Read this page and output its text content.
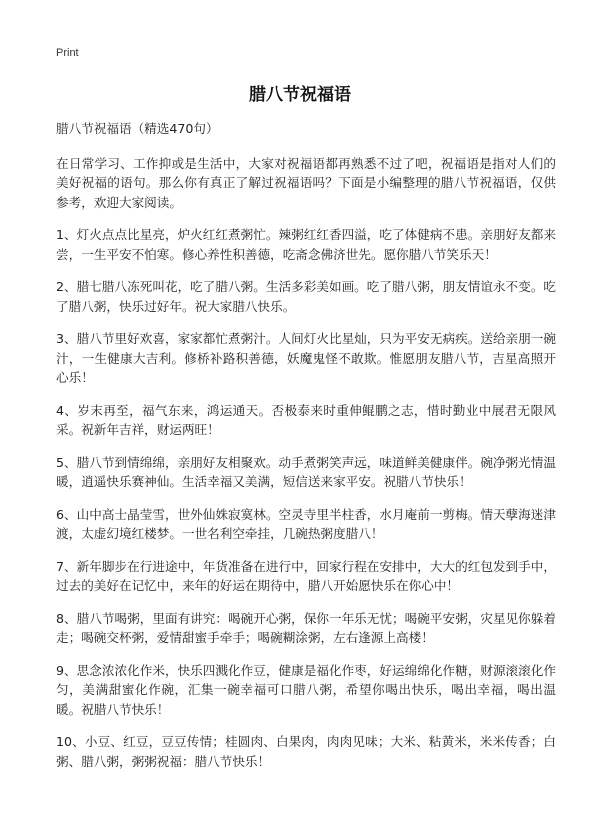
Print
腊八节祝福语

腊八节祝福语（精选470句）

在日常学习、工作抑或是生活中，大家对祝福语都再熟悉不过了吧，祝福语是指对人们的美好祝福的语句。那么你有真正了解过祝福语吗？下面是小编整理的腊八节祝福语，仅供参考，欢迎大家阅读。

1、灯火点点比星亮，炉火红红煮粥忙。辣粥红红香四溢，吃了体健病不患。亲朋好友都来尝，一生平安不怕寒。修心养性积善德，吃斋念佛济世先。愿你腊八节笑乐天！

2、腊七腊八冻死叫花，吃了腊八粥。生活多彩美如画。吃了腊八粥，朋友情谊永不变。吃了腊八粥，快乐过好年。祝大家腊八快乐。

3、腊八节里好欢喜，家家都忙煮粥汁。人间灯火比星灿，只为平安无病疾。送给亲朋一碗汁，一生健康大吉利。修桥补路积善德，妖魔鬼怪不敢欺。惟愿朋友腊八节，吉星高照开心乐！

4、岁末再至，福气东来，鸿运通天。否极泰来时重伸鲲鹏之志，惜时勤业中展君无限风采。祝新年吉祥，财运两旺！

5、腊八节到情绵绵，亲朋好友相聚欢。动手煮粥笑声远，味道鲜美健康伴。碗净粥光情温暖，逍遥快乐赛神仙。生活幸福又美满，短信送来家平安。祝腊八节快乐！

6、山中高士晶莹雪，世外仙姝寂寞林。空灵寺里半柱香，水月庵前一剪梅。情天孽海迷津渡，太虚幻境红楼梦。一世名利空牵挂，几碗热粥度腊八！

7、新年脚步在行进途中，年货准备在进行中，回家行程在安排中，大大的红包发到手中，过去的美好在记忆中，来年的好运在期待中，腊八开始愿快乐在你心中！

8、腊八节喝粥，里面有讲究：喝碗开心粥，保你一年乐无忧；喝碗平安粥，灾星见你躲着走；喝碗交杯粥，爱情甜蜜手牵手；喝碗糊涂粥，左右逢源上高楼！

9、思念浓浓化作米，快乐四溅化作豆，健康是福化作枣，好运绵绵化作糖，财源滚滚化作匀，美满甜蜜化作碗，汇集一碗幸福可口腊八粥，希望你喝出快乐，喝出幸福，喝出温暖。祝腊八节快乐！

10、小豆、红豆，豆豆传情；桂圆肉、白果肉，肉肉见味；大米、粘黄米，米米传香；白粥、腊八粥，粥粥祝福：腊八节快乐！
